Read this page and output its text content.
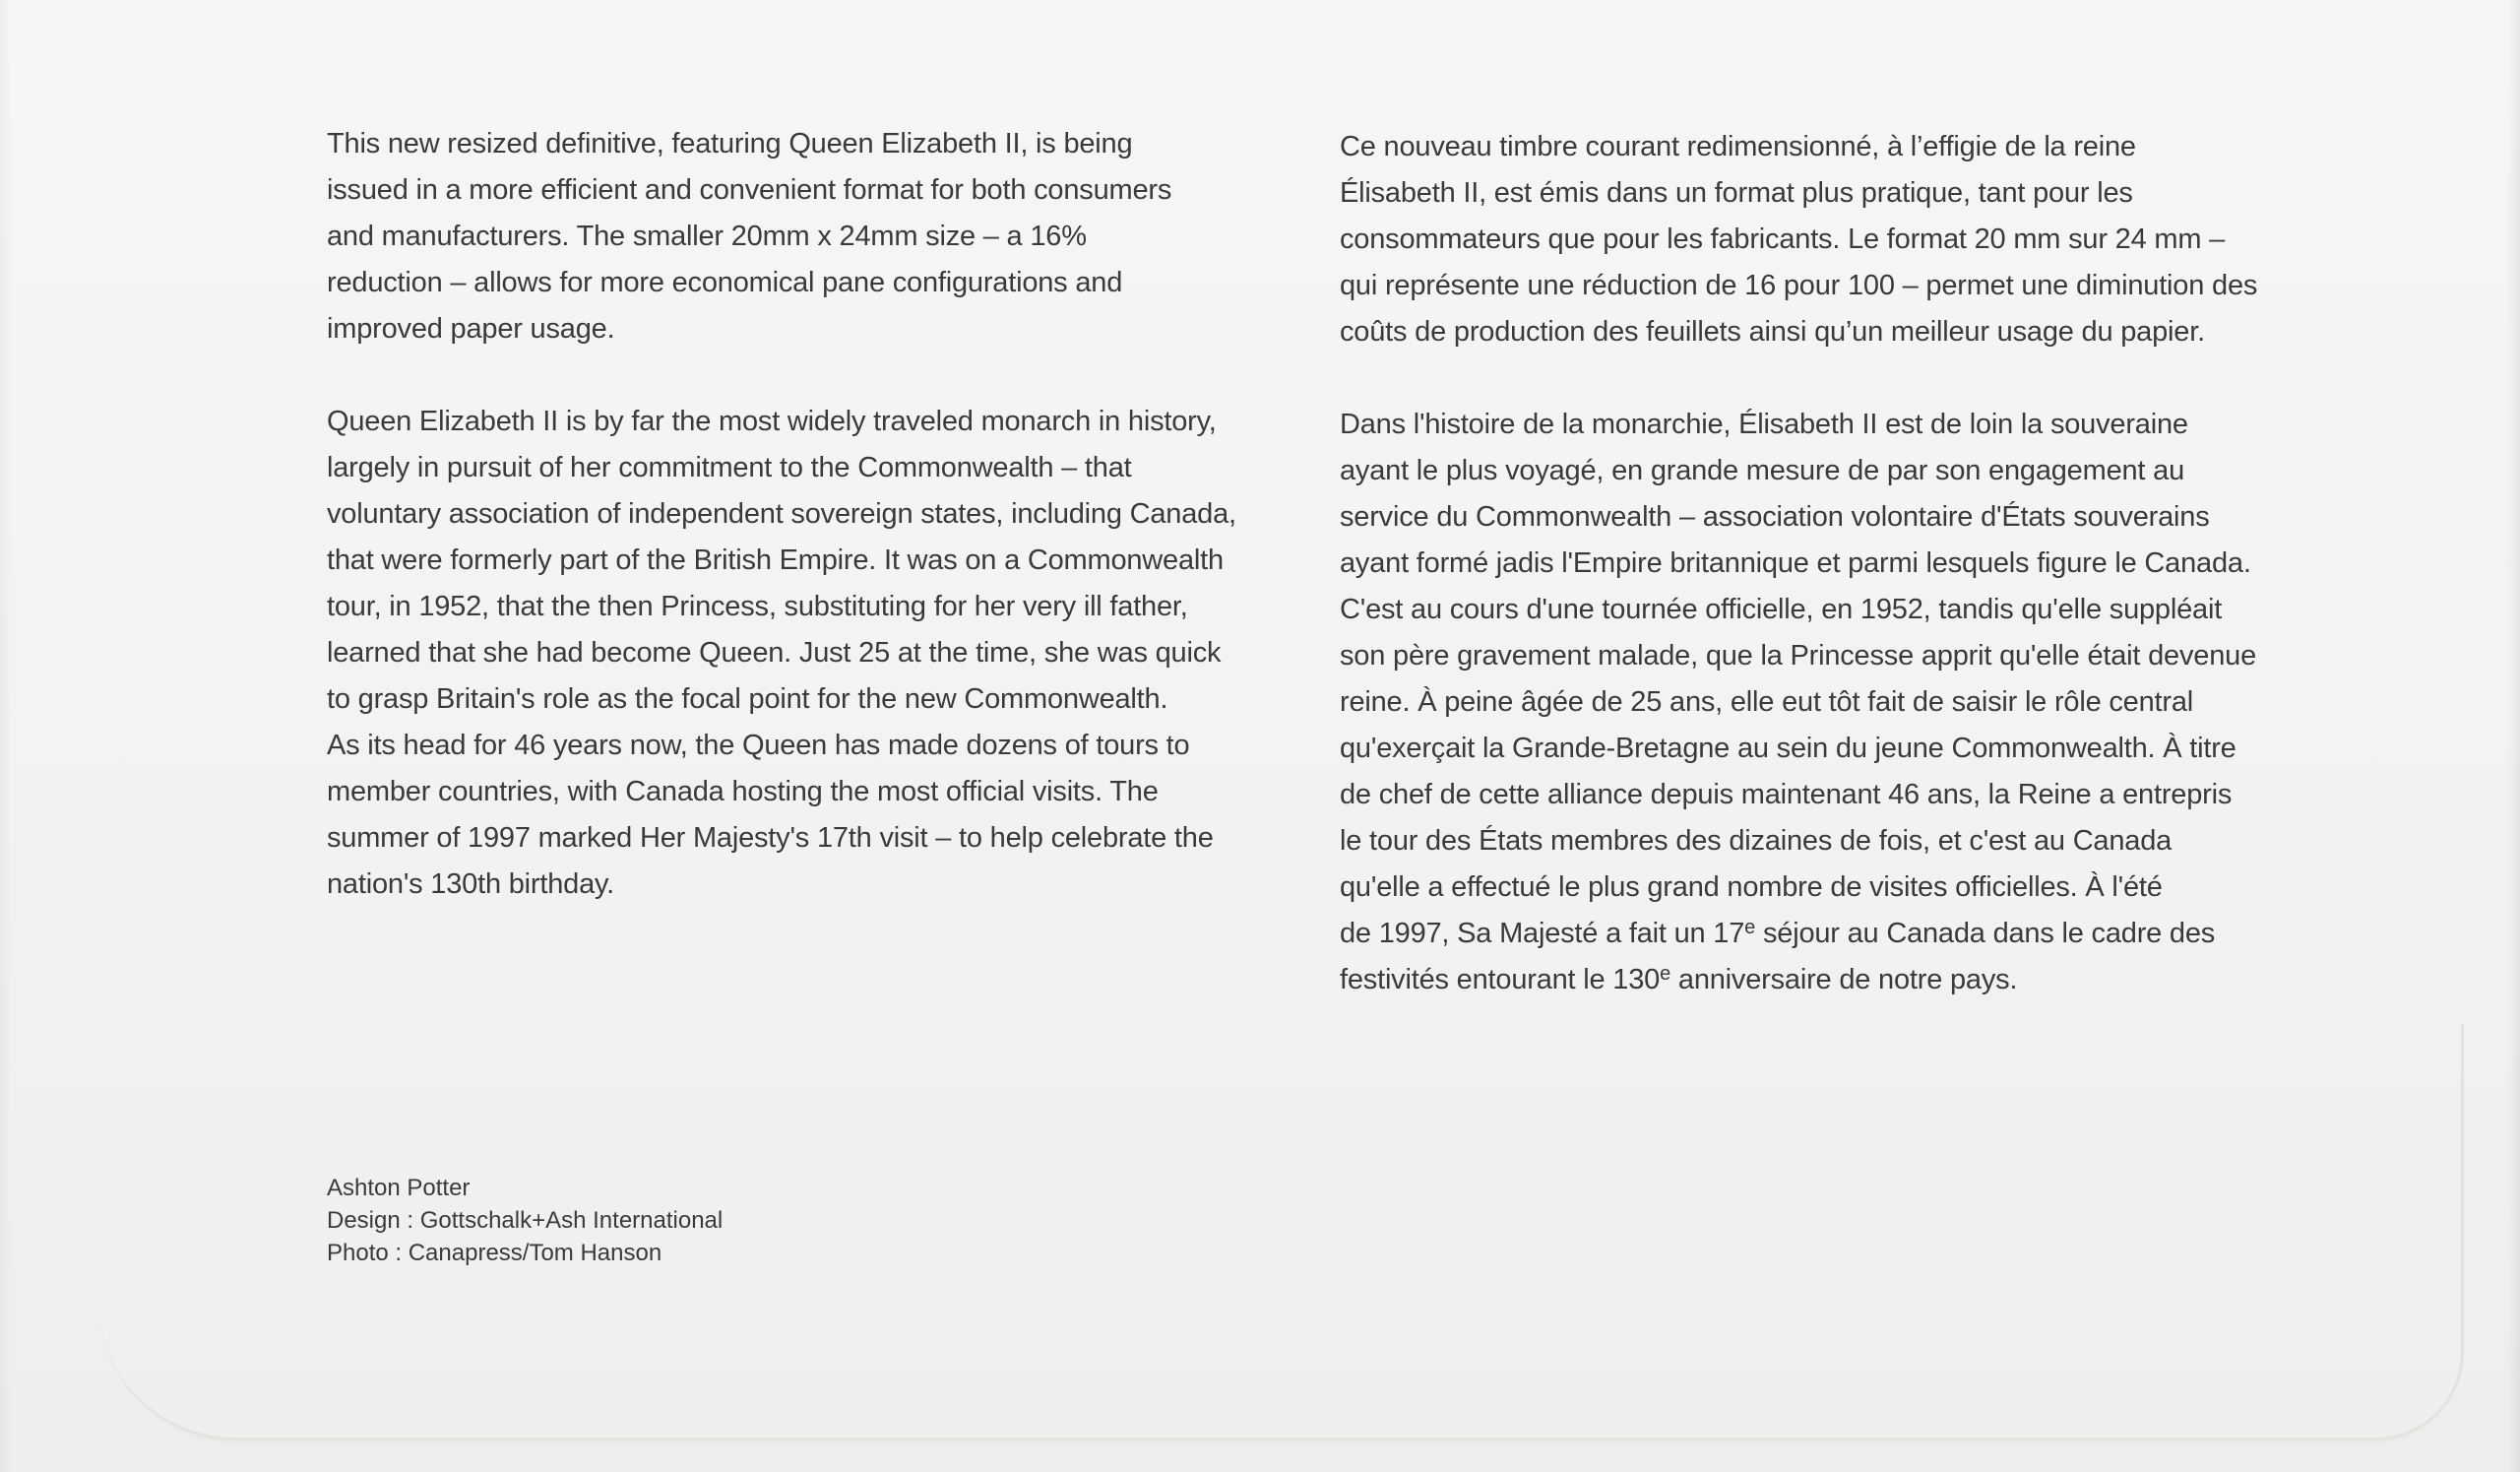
This new resized definitive, featuring Queen Elizabeth II, is being
issued in a more efficient and convenient format for both consumers
and manufacturers. The smaller 20mm x 24mm size – a 16%
reduction – allows for more economical pane configurations and
improved paper usage.
Queen Elizabeth II is by far the most widely traveled monarch in history,
largely in pursuit of her commitment to the Commonwealth – that
voluntary association of independent sovereign states, including Canada,
that were formerly part of the British Empire. It was on a Commonwealth
tour, in 1952, that the then Princess, substituting for her very ill father,
learned that she had become Queen. Just 25 at the time, she was quick
to grasp Britain's role as the focal point for the new Commonwealth.
As its head for 46 years now, the Queen has made dozens of tours to
member countries, with Canada hosting the most official visits. The
summer of 1997 marked Her Majesty's 17th visit – to help celebrate the
nation's 130th birthday.
Ce nouveau timbre courant redimensionné, à l’effigie de la reine
Élisabeth II, est émis dans un format plus pratique, tant pour les
consommateurs que pour les fabricants. Le format 20 mm sur 24 mm –
qui représente une réduction de 16 pour 100 – permet une diminution des
coûts de production des feuillets ainsi qu’un meilleur usage du papier.
Dans l'histoire de la monarchie, Élisabeth II est de loin la souveraine
ayant le plus voyagé, en grande mesure de par son engagement au
service du Commonwealth – association volontaire d'États souverains
ayant formé jadis l'Empire britannique et parmi lesquels figure le Canada.
C'est au cours d'une tournée officielle, en 1952, tandis qu'elle suppléait
son père gravement malade, que la Princesse apprit qu'elle était devenue
reine. À peine âgée de 25 ans, elle eut tôt fait de saisir le rôle central
qu'exerçait la Grande-Bretagne au sein du jeune Commonwealth. À titre
de chef de cette alliance depuis maintenant 46 ans, la Reine a entrepris
le tour des États membres des dizaines de fois, et c'est au Canada
qu'elle a effectué le plus grand nombre de visites officielles. À l'été
de 1997, Sa Majesté a fait un 17e séjour au Canada dans le cadre des
festivités entourant le 130e anniversaire de notre pays.
Ashton Potter
Design : Gottschalk+Ash International
Photo : Canapress/Tom Hanson
